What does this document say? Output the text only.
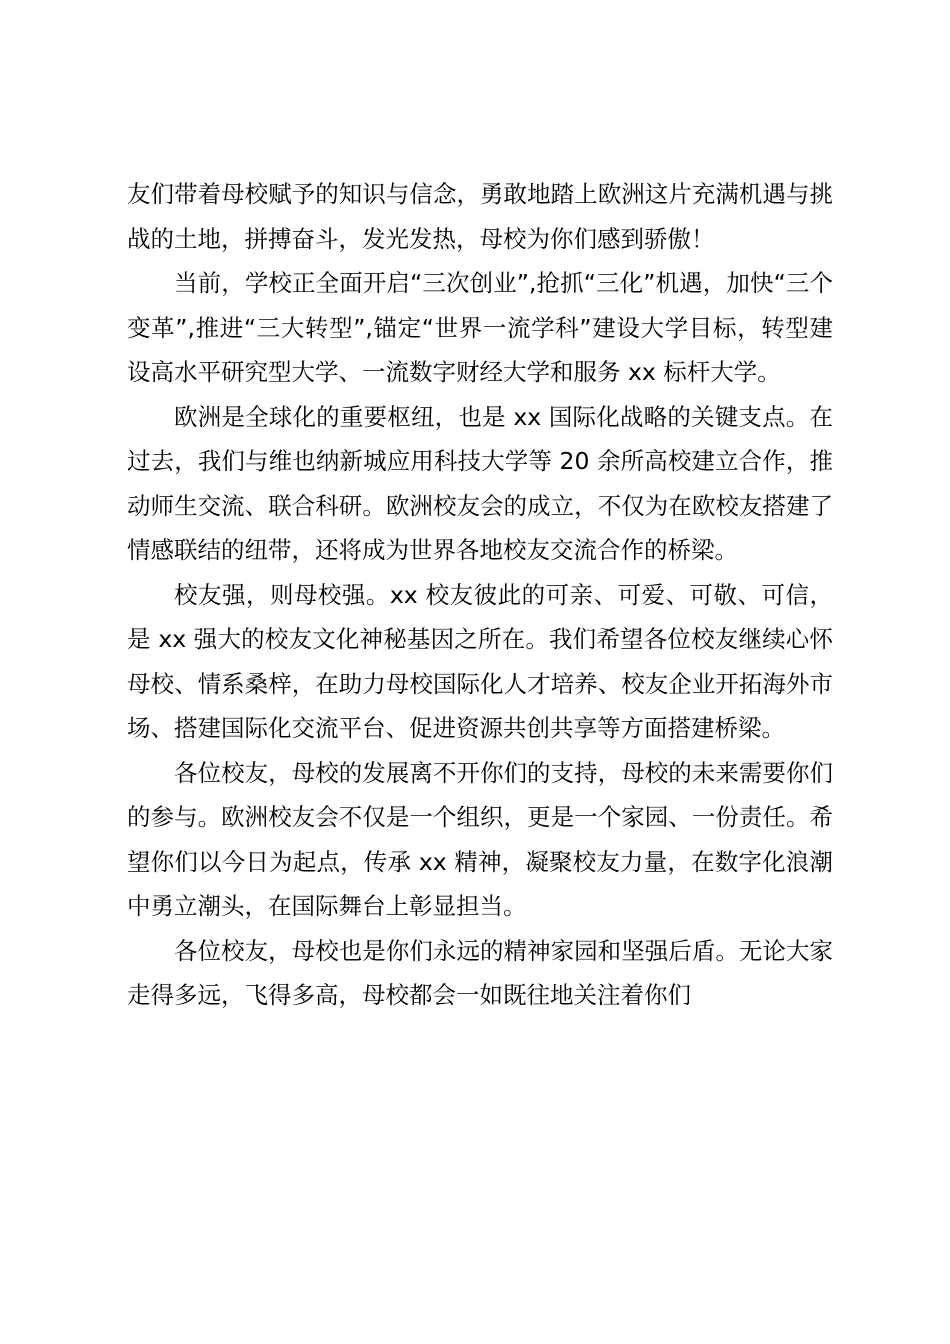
友们带着母校赋予的知识与信念，勇敢地踏上欧洲这片充满机遇与挑战的土地，拼搏奋斗，发光发热，母校为你们感到骄傲！

当前，学校正全面开启“三次创业”,抢抓“三化”机遇，加快“三个变革”,推进“三大转型”,锚定“世界一流学科”建设大学目标，转型建设高水平研究型大学、一流数字财经大学和服务 xx 标杆大学。

欧洲是全球化的重要枢纽，也是 xx 国际化战略的关键支点。在过去，我们与维也纳新城应用科技大学等 20 余所高校建立合作，推动师生交流、联合科研。欧洲校友会的成立，不仅为在欧校友搭建了情感联结的纽带，还将成为世界各地校友交流合作的桥梁。

校友强，则母校强。xx 校友彼此的可亲、可爱、可敬、可信， 是 xx 强大的校友文化神秘基因之所在。我们希望各位校友继续心怀母校、情系桑梓，在助力母校国际化人才培养、校友企业开拓海外市场、搭建国际化交流平台、促进资源共创共享等方面搭建桥梁。

各位校友，母校的发展离不开你们的支持，母校的未来需要你们的参与。欧洲校友会不仅是一个组织，更是一个家园、一份责任。希望你们以今日为起点，传承 xx 精神，凝聚校友力量，在数字化浪潮中勇立潮头，在国际舞台上彰显担当。

各位校友，母校也是你们永远的精神家园和坚强后盾。无论大家走得多远，飞得多高，母校都会一如既往地关注着你们
